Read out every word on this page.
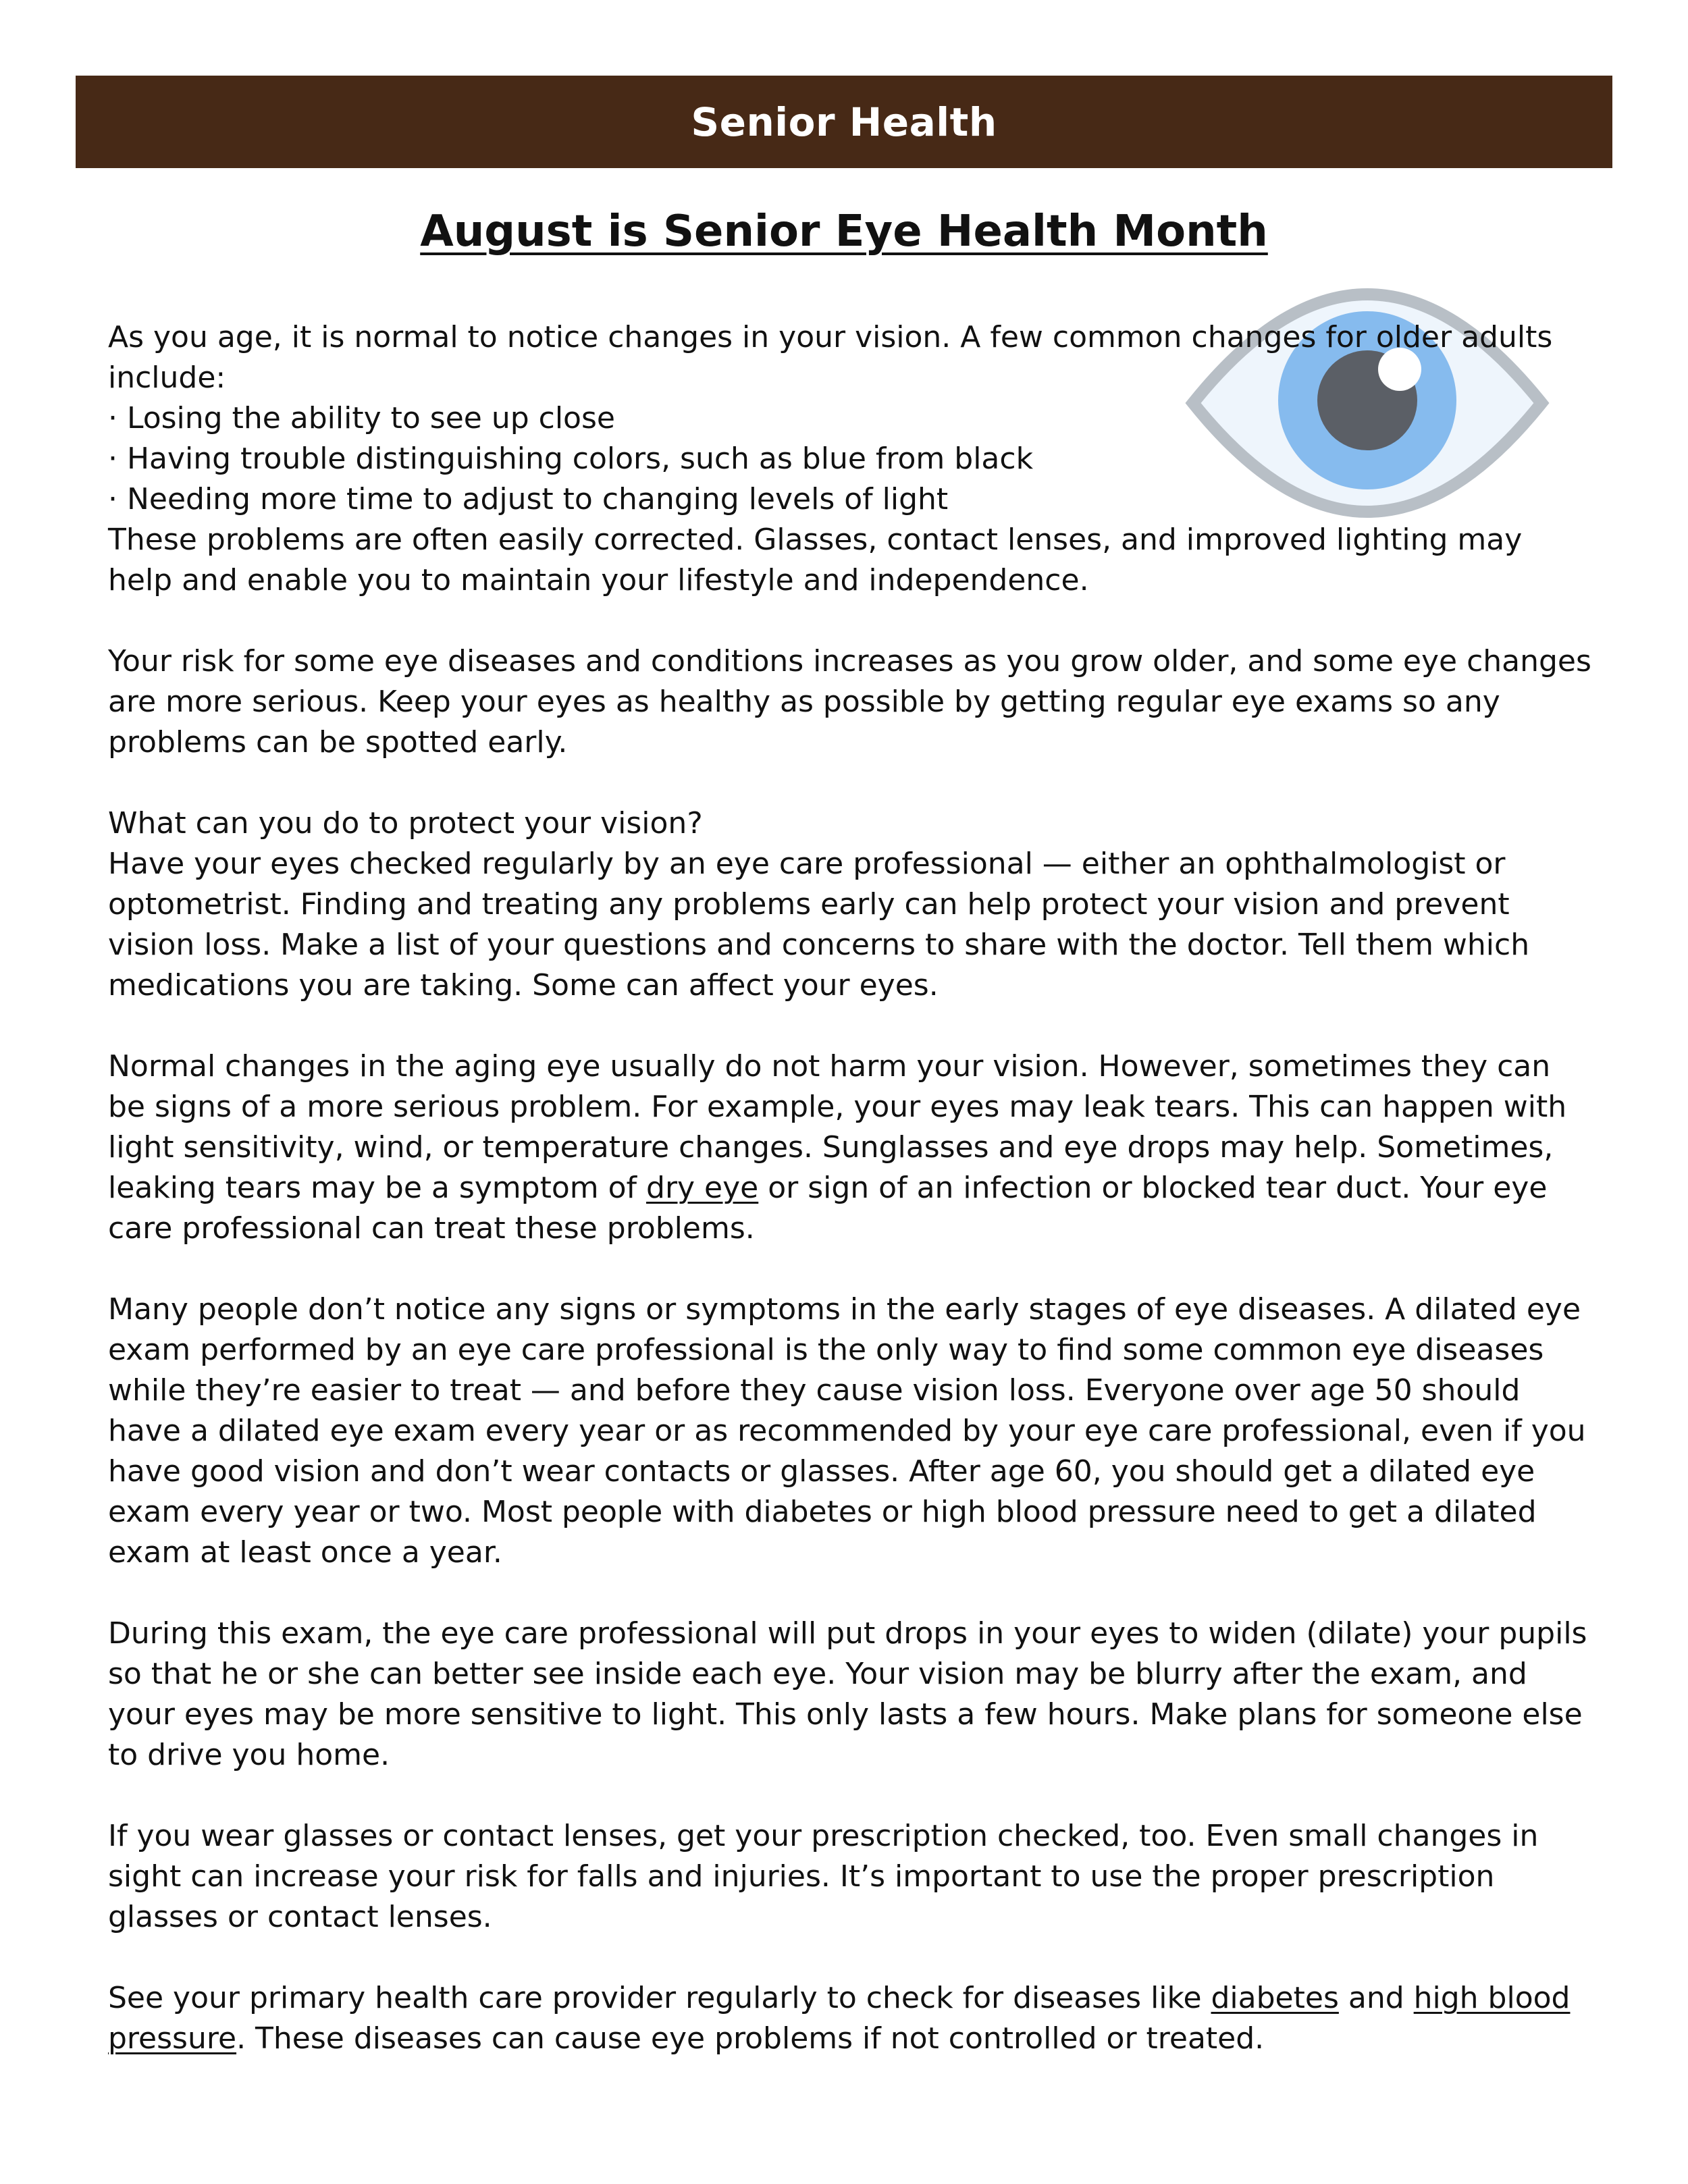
Senior Health
August is Senior Eye Health Month

As you age, it is normal to notice changes in your vision. A few common changes for older adults include:
· Losing the ability to see up close
· Having trouble distinguishing colors, such as blue from black
· Needing more time to adjust to changing levels of light
These problems are often easily corrected. Glasses, contact lenses, and improved lighting may help and enable you to maintain your lifestyle and independence.

Your risk for some eye diseases and conditions increases as you grow older, and some eye changes are more serious. Keep your eyes as healthy as possible by getting regular eye exams so any problems can be spotted early.

What can you do to protect your vision?
Have your eyes checked regularly by an eye care professional — either an ophthalmologist or optometrist. Finding and treating any problems early can help protect your vision and prevent vision loss. Make a list of your questions and concerns to share with the doctor. Tell them which medications you are taking. Some can affect your eyes.

Normal changes in the aging eye usually do not harm your vision. However, sometimes they can be signs of a more serious problem. For example, your eyes may leak tears. This can happen with light sensitivity, wind, or temperature changes. Sunglasses and eye drops may help. Sometimes, leaking tears may be a symptom of dry eye or sign of an infection or blocked tear duct. Your eye care professional can treat these problems.

Many people don’t notice any signs or symptoms in the early stages of eye diseases. A dilated eye exam performed by an eye care professional is the only way to find some common eye diseases while they’re easier to treat — and before they cause vision loss. Everyone over age 50 should have a dilated eye exam every year or as recommended by your eye care professional, even if you have good vision and don’t wear contacts or glasses. After age 60, you should get a dilated eye exam every year or two. Most people with diabetes or high blood pressure need to get a dilated exam at least once a year.

During this exam, the eye care professional will put drops in your eyes to widen (dilate) your pupils so that he or she can better see inside each eye. Your vision may be blurry after the exam, and your eyes may be more sensitive to light. This only lasts a few hours. Make plans for someone else to drive you home.

If you wear glasses or contact lenses, get your prescription checked, too. Even small changes in sight can increase your risk for falls and injuries. It’s important to use the proper prescription glasses or contact lenses.

See your primary health care provider regularly to check for diseases like diabetes and high blood pressure. These diseases can cause eye problems if not controlled or treated.
